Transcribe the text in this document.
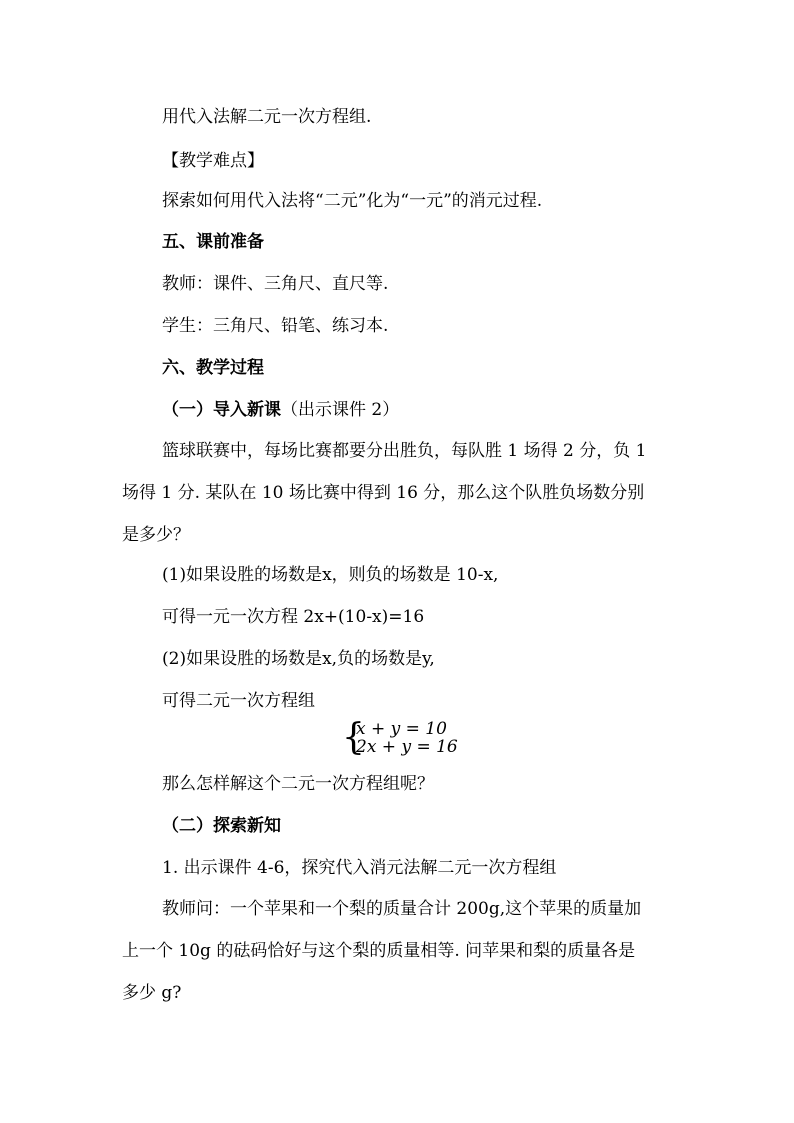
用代入法解二元一次方程组.
【教学难点】
探索如何用代入法将“二元”化为“一元”的消元过程.
五、课前准备
教师：课件、三角尺、直尺等.
学生：三角尺、铅笔、练习本.
六、教学过程
（一）导入新课（出示课件 2）
篮球联赛中，每场比赛都要分出胜负，每队胜 1 场得 2 分，负 1
场得 1 分. 某队在 10 场比赛中得到 16 分，那么这个队胜负场数分别
是多少？
(1)如果设胜的场数是x，则负的场数是 10-x,
可得一元一次方程 2x+(10-x)=16
(2)如果设胜的场数是x,负的场数是y,
可得二元一次方程组
{
x + y = 10
2x + y = 16
那么怎样解这个二元一次方程组呢？
（二）探索新知
1. 出示课件 4-6，探究代入消元法解二元一次方程组
教师问：一个苹果和一个梨的质量合计 200g,这个苹果的质量加
上一个 10g 的砝码恰好与这个梨的质量相等. 问苹果和梨的质量各是
多少 g?
